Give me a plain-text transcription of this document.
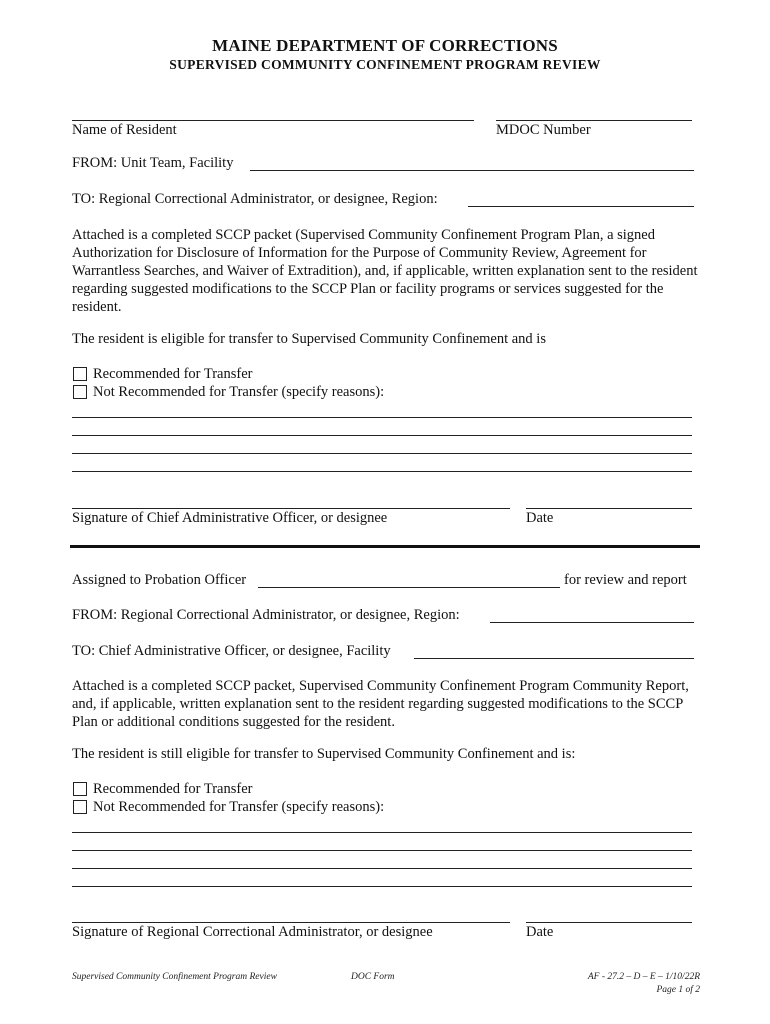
MAINE DEPARTMENT OF CORRECTIONS
SUPERVISED COMMUNITY CONFINEMENT PROGRAM REVIEW
Name of Resident	MDOC Number
FROM: Unit Team, Facility
TO: Regional Correctional Administrator, or designee, Region:
Attached is a completed SCCP packet (Supervised Community Confinement Program Plan, a signed Authorization for Disclosure of Information for the Purpose of Community Review, Agreement for Warrantless Searches, and Waiver of Extradition), and, if applicable, written explanation sent to the resident regarding suggested modifications to the SCCP Plan or facility programs or services suggested for the resident.
The resident is eligible for transfer to Supervised Community Confinement and is
Recommended for Transfer
Not Recommended for Transfer (specify reasons):
Signature of Chief Administrative Officer, or designee	Date
Assigned to Probation Officer	for review and report
FROM: Regional Correctional Administrator, or designee, Region:
TO: Chief Administrative Officer, or designee, Facility
Attached is a completed SCCP packet, Supervised Community Confinement Program Community Report, and, if applicable, written explanation sent to the resident regarding suggested modifications to the SCCP Plan or additional conditions suggested for the resident.
The resident is still eligible for transfer to Supervised Community Confinement and is:
Recommended for Transfer
Not Recommended for Transfer (specify reasons):
Signature of Regional Correctional Administrator, or designee	Date
Supervised Community Confinement Program Review	DOC Form	AF - 27.2 – D – E – 1/10/22R
Page 1 of 2
